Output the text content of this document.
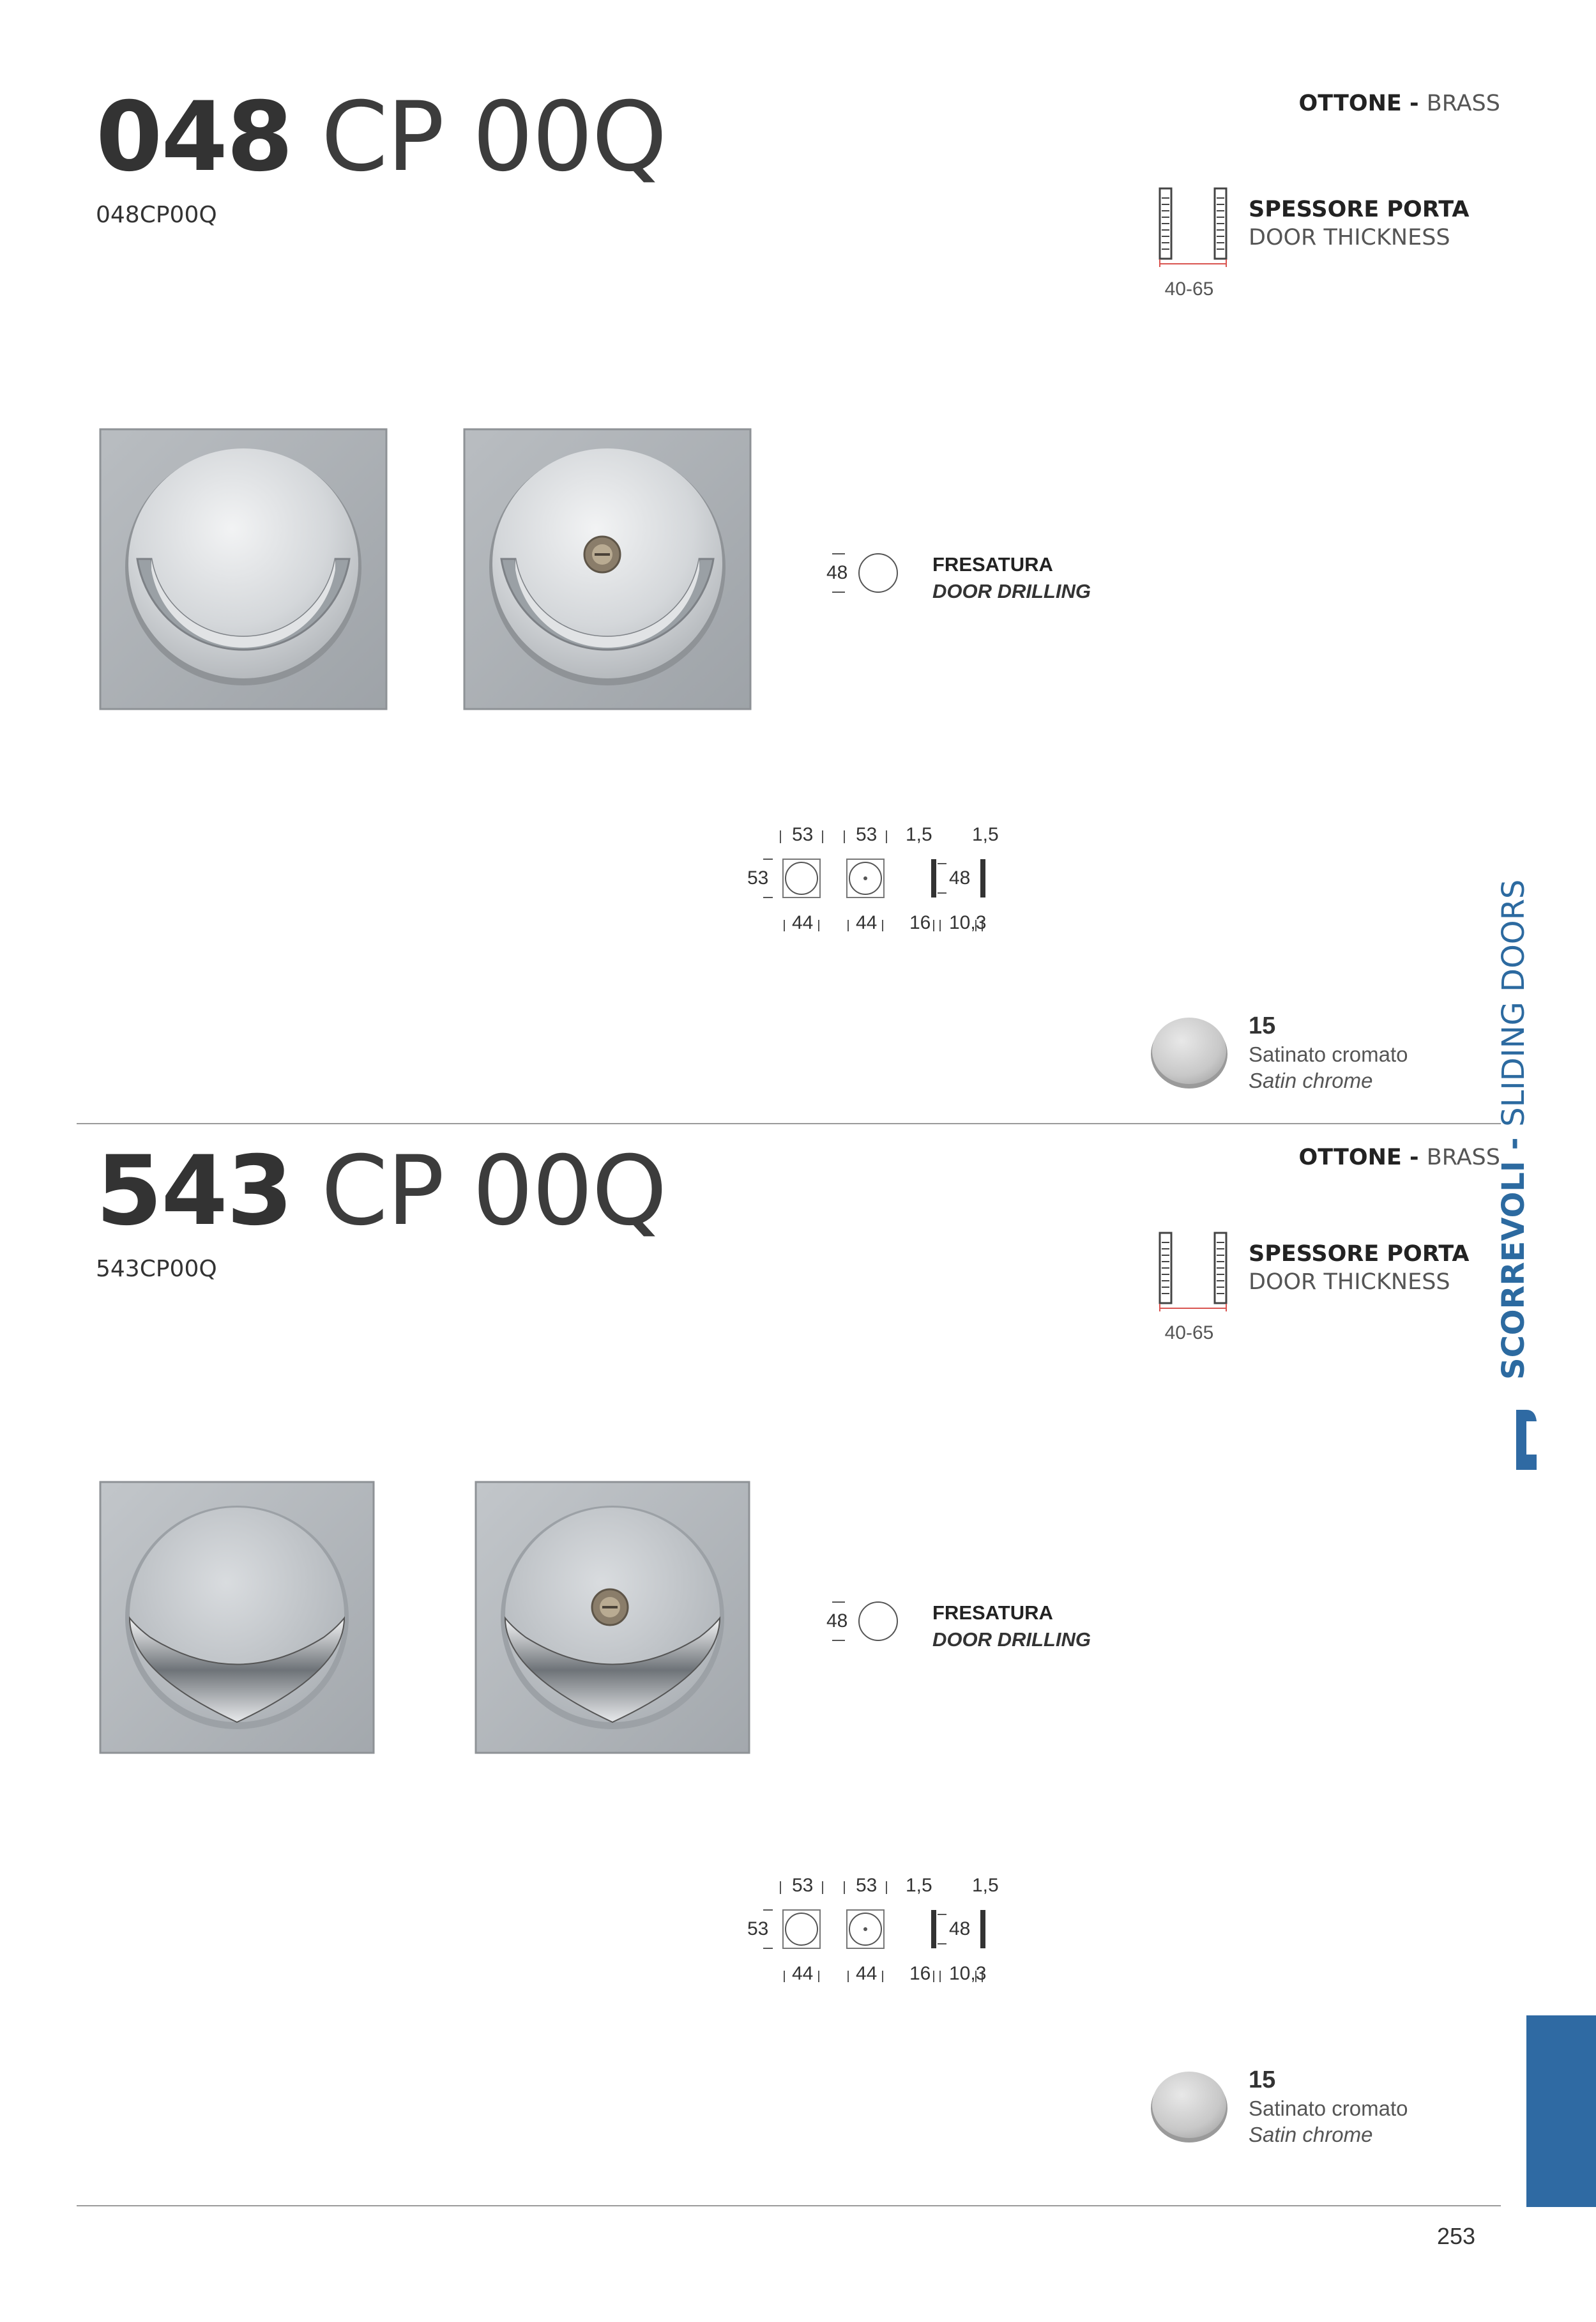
048 CP 00Q
048CP00Q
OTTONE - BRASS
40-65
SPESSORE PORTA
DOOR THICKNESS
48	FRESATURA
DOOR DRILLING
53 53 1,5 1,5
53	48
44 44 16 10,3
15
Satinato cromato
Satin chrome
543 CP 00Q
543CP00Q
OTTONE - BRASS
40-65
SPESSORE PORTA
DOOR THICKNESS
48	FRESATURA
DOOR DRILLING
53 53 1,5 1,5
53	48
44 44 16 10,3
15
Satinato cromato
Satin chrome
SCORREVOLI - SLIDING DOORS
253
